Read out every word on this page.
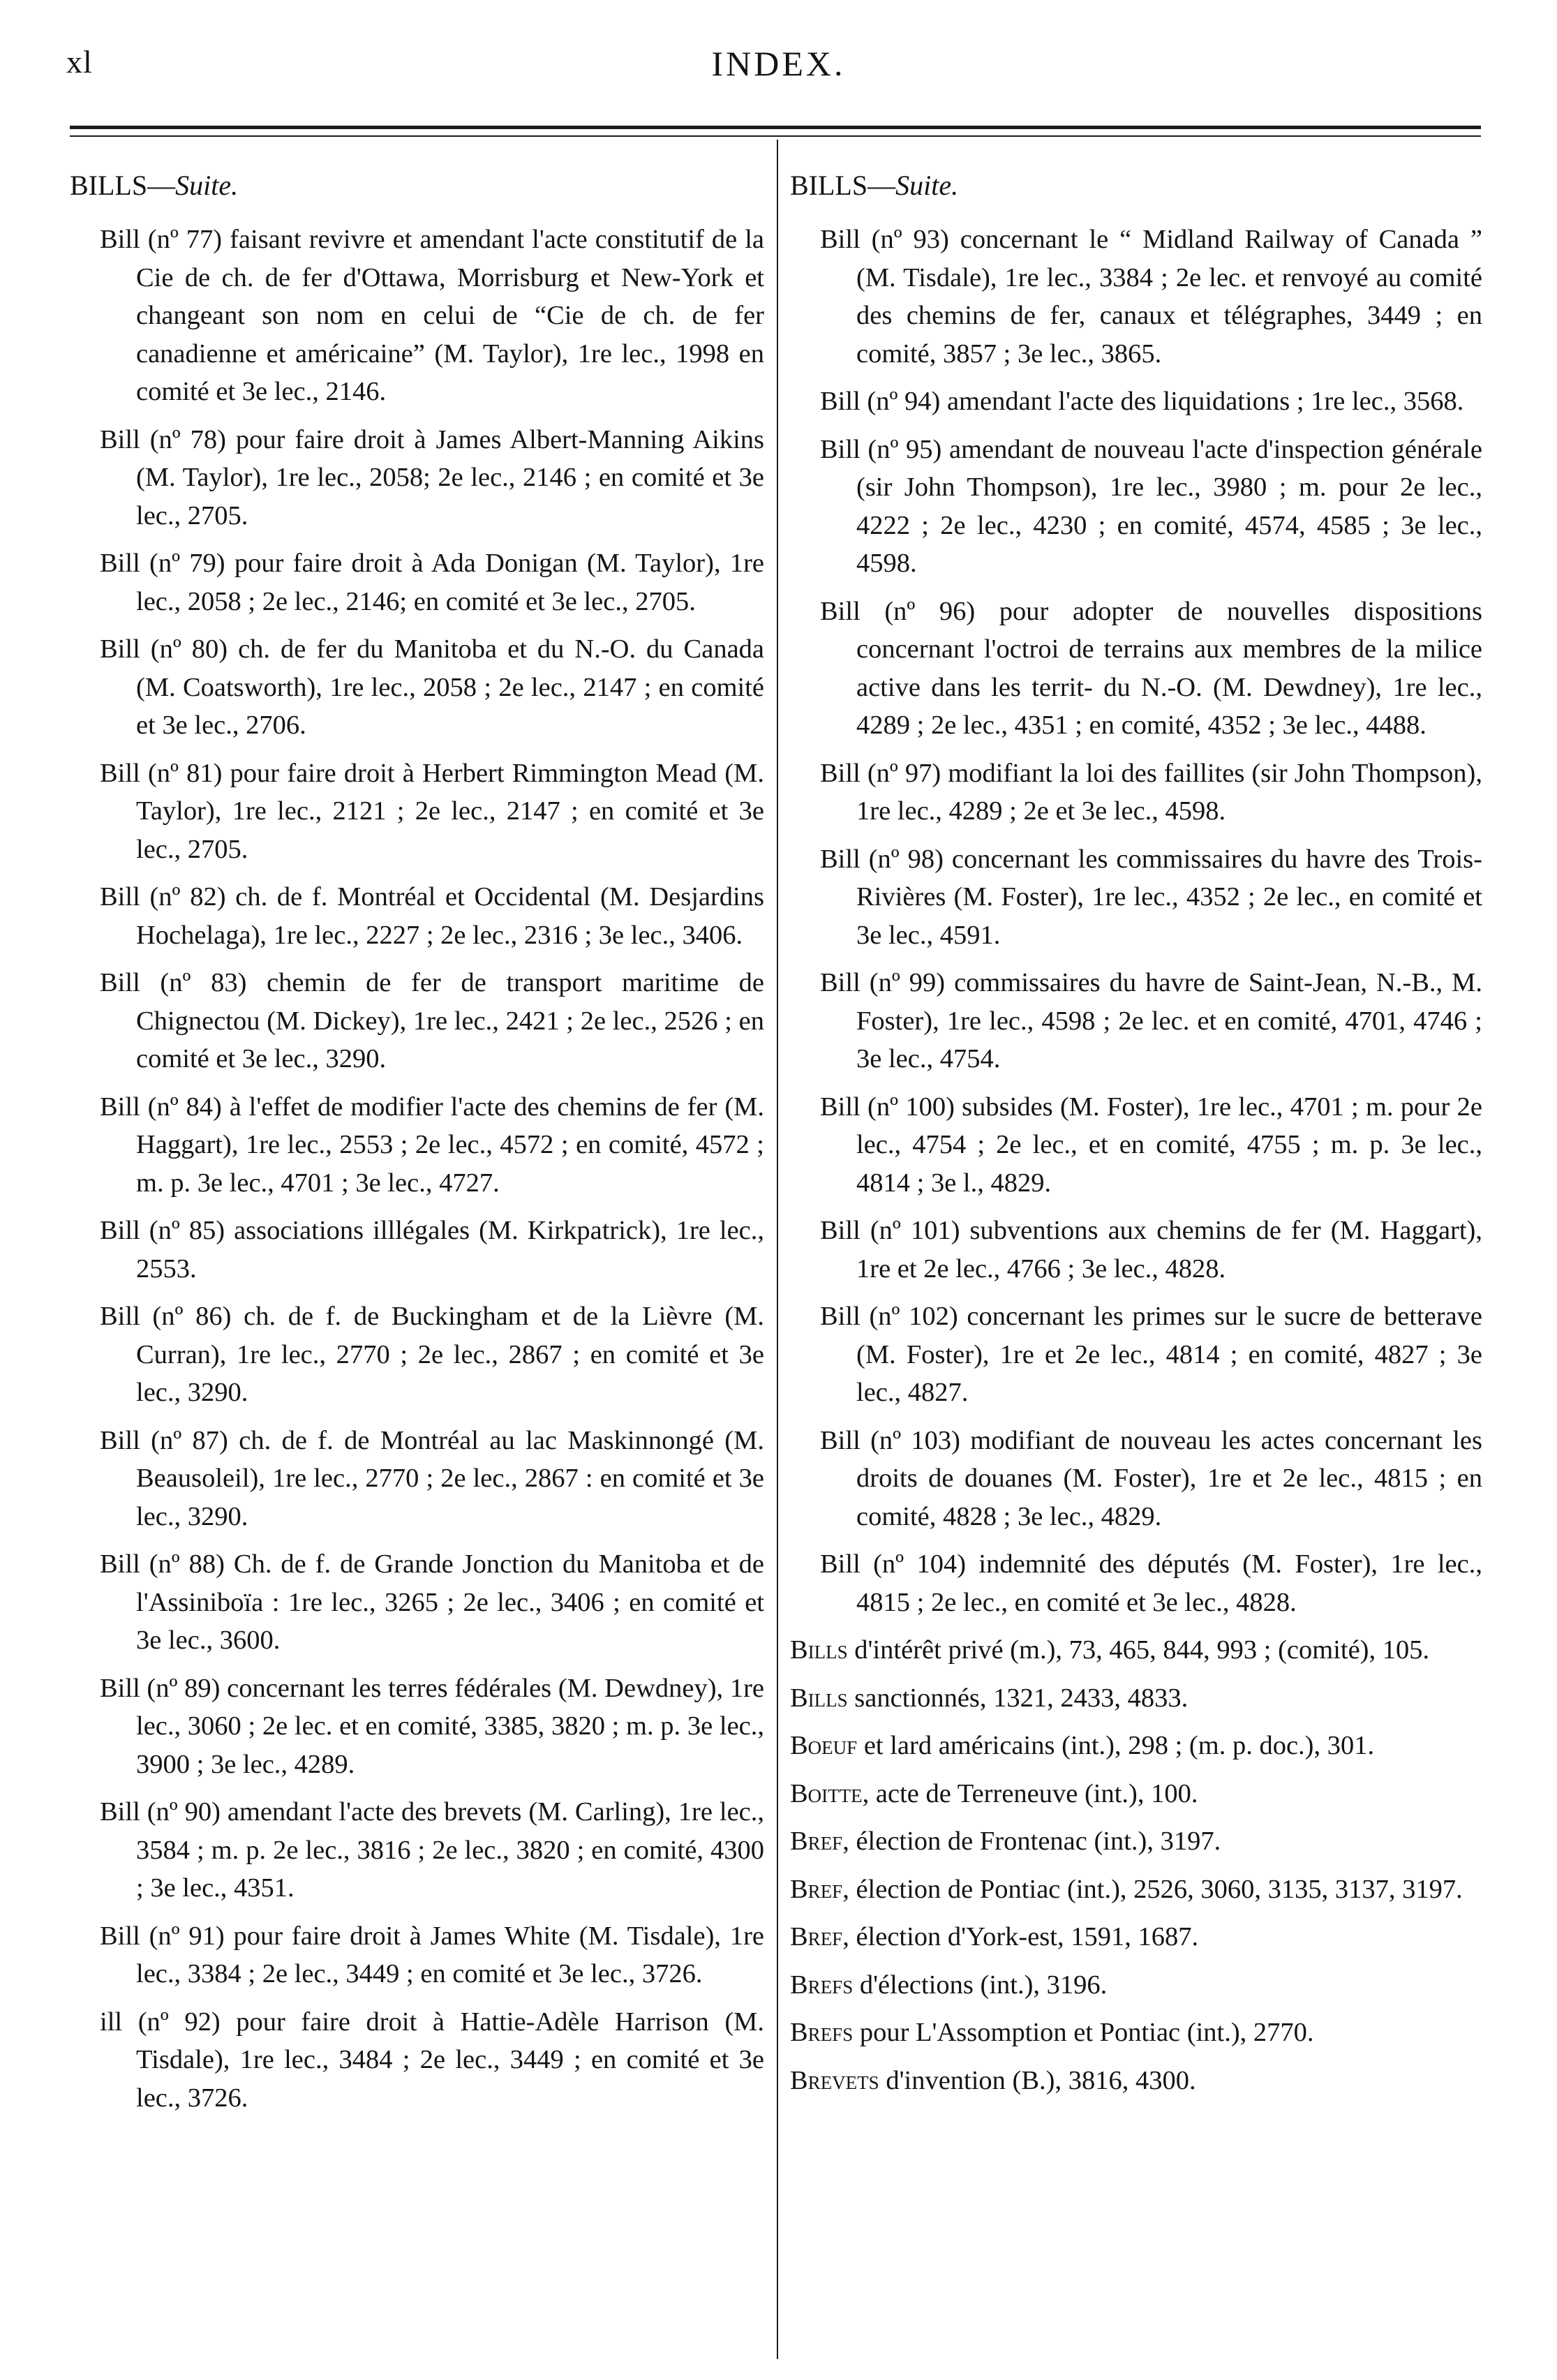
xl	INDEX.
BILLS—Suite.
Bill (nº 77) faisant revivre et amendant l'acte constitutif de la Cie de ch. de fer d'Ottawa, Morrisburg et New-York et changeant son nom en celui de “Cie de ch. de fer canadienne et américaine” (M. Taylor), 1re lec., 1998 en comité et 3e lec., 2146.
Bill (nº 78) pour faire droit à James Albert-Manning Aikins (M. Taylor), 1re lec., 2058; 2e lec., 2146 ; en comité et 3e lec., 2705.
Bill (nº 79) pour faire droit à Ada Donigan (M. Taylor), 1re lec., 2058 ; 2e lec., 2146; en comité et 3e lec., 2705.
Bill (nº 80) ch. de fer du Manitoba et du N.-O. du Canada (M. Coatsworth), 1re lec., 2058 ; 2e lec., 2147 ; en comité et 3e lec., 2706.
Bill (nº 81) pour faire droit à Herbert Rimmington Mead (M. Taylor), 1re lec., 2121 ; 2e lec., 2147 ; en comité et 3e lec., 2705.
Bill (nº 82) ch. de f. Montréal et Occidental (M. Desjardins Hochelaga), 1re lec., 2227 ; 2e lec., 2316 ; 3e lec., 3406.
Bill (nº 83) chemin de fer de transport maritime de Chignectou (M. Dickey), 1re lec., 2421 ; 2e lec., 2526 ; en comité et 3e lec., 3290.
Bill (nº 84) à l'effet de modifier l'acte des chemins de fer (M. Haggart), 1re lec., 2553 ; 2e lec., 4572 ; en comité, 4572 ; m. p. 3e lec., 4701 ; 3e lec., 4727.
Bill (nº 85) associations illlégales (M. Kirkpatrick), 1re lec., 2553.
Bill (nº 86) ch. de f. de Buckingham et de la Lièvre (M. Curran), 1re lec., 2770 ; 2e lec., 2867 ; en comité et 3e lec., 3290.
Bill (nº 87) ch. de f. de Montréal au lac Maskinnongé (M. Beausoleil), 1re lec., 2770 ; 2e lec., 2867 : en comité et 3e lec., 3290.
Bill (nº 88) Ch. de f. de Grande Jonction du Manitoba et de l'Assiniboïa : 1re lec., 3265 ; 2e lec., 3406 ; en comité et 3e lec., 3600.
Bill (nº 89) concernant les terres fédérales (M. Dewdney), 1re lec., 3060 ; 2e lec. et en comité, 3385, 3820 ; m. p. 3e lec., 3900 ; 3e lec., 4289.
Bill (nº 90) amendant l'acte des brevets (M. Carling), 1re lec., 3584 ; m. p. 2e lec., 3816 ; 2e lec., 3820 ; en comité, 4300 ; 3e lec., 4351.
Bill (nº 91) pour faire droit à James White (M. Tisdale), 1re lec., 3384 ; 2e lec., 3449 ; en comité et 3e lec., 3726.
ill (nº 92) pour faire droit à Hattie-Adèle Harrison (M. Tisdale), 1re lec., 3484 ; 2e lec., 3449 ; en comité et 3e lec., 3726.
BILLS—Suite.
Bill (nº 93) concernant le “ Midland Railway of Canada ” (M. Tisdale), 1re lec., 3384 ; 2e lec. et renvoyé au comité des chemins de fer, canaux et télégraphes, 3449 ; en comité, 3857 ; 3e lec., 3865.
Bill (nº 94) amendant l'acte des liquidations ; 1re lec., 3568.
Bill (nº 95) amendant de nouveau l'acte d'inspection générale (sir John Thompson), 1re lec., 3980 ; m. pour 2e lec., 4222 ; 2e lec., 4230 ; en comité, 4574, 4585 ; 3e lec., 4598.
Bill (nº 96) pour adopter de nouvelles dispositions concernant l'octroi de terrains aux membres de la milice active dans les territ- du N.-O. (M. Dewdney), 1re lec., 4289 ; 2e lec., 4351 ; en comité, 4352 ; 3e lec., 4488.
Bill (nº 97) modifiant la loi des faillites (sir John Thompson), 1re lec., 4289 ; 2e et 3e lec., 4598.
Bill (nº 98) concernant les commissaires du havre des Trois-Rivières (M. Foster), 1re lec., 4352 ; 2e lec., en comité et 3e lec., 4591.
Bill (nº 99) commissaires du havre de Saint-Jean, N.-B., M. Foster), 1re lec., 4598 ; 2e lec. et en comité, 4701, 4746 ; 3e lec., 4754.
Bill (nº 100) subsides (M. Foster), 1re lec., 4701 ; m. pour 2e lec., 4754 ; 2e lec., et en comité, 4755 ; m. p. 3e lec., 4814 ; 3e l., 4829.
Bill (nº 101) subventions aux chemins de fer (M. Haggart), 1re et 2e lec., 4766 ; 3e lec., 4828.
Bill (nº 102) concernant les primes sur le sucre de betterave (M. Foster), 1re et 2e lec., 4814 ; en comité, 4827 ; 3e lec., 4827.
Bill (nº 103) modifiant de nouveau les actes concernant les droits de douanes (M. Foster), 1re et 2e lec., 4815 ; en comité, 4828 ; 3e lec., 4829.
Bill (nº 104) indemnité des députés (M. Foster), 1re lec., 4815 ; 2e lec., en comité et 3e lec., 4828.
Bills d'intérêt privé (m.), 73, 465, 844, 993 ; (comité), 105.
Bills sanctionnés, 1321, 2433, 4833.
Boeuf et lard américains (int.), 298 ; (m. p. doc.), 301.
Boitte, acte de Terreneuve (int.), 100.
Bref, élection de Frontenac (int.), 3197.
Bref, élection de Pontiac (int.), 2526, 3060, 3135, 3137, 3197.
Bref, élection d'York-est, 1591, 1687.
Brefs d'élections (int.), 3196.
Brefs pour L'Assomption et Pontiac (int.), 2770.
Brevets d'invention (B.), 3816, 4300.
